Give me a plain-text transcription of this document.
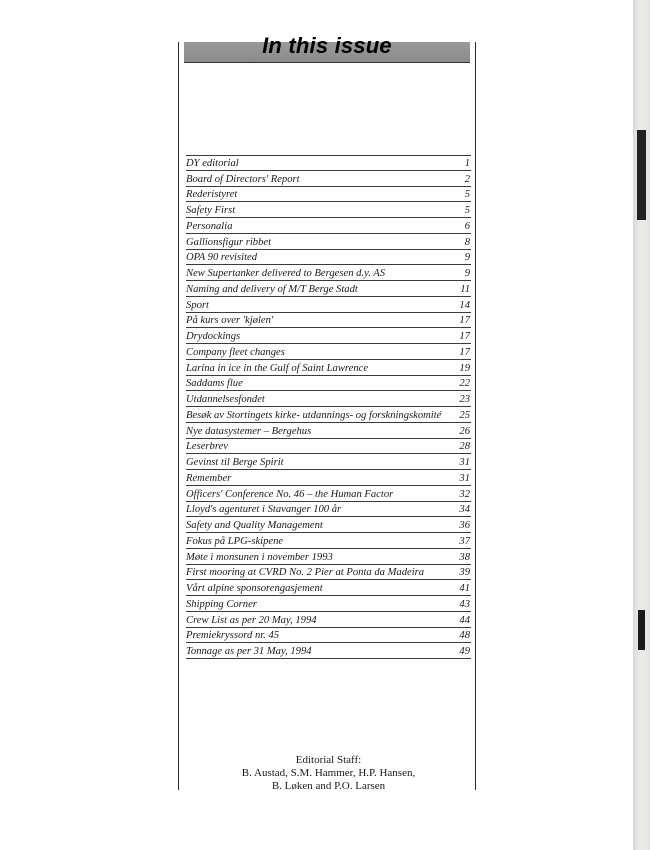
In this issue
DY editorial	1
Board of Directors' Report	2
Rederistyret	5
Safety First	5
Personalia	6
Gallionsfigur ribbet	8
OPA 90 revisited	9
New Supertanker delivered to Bergesen d.y. AS	9
Naming and delivery of M/T Berge Stadt	11
Sport	14
På kurs over 'kjølen'	17
Drydockings	17
Company fleet changes	17
Larina in ice in the Gulf of Saint Lawrence	19
Saddams flue	22
Utdannelsesfondet	23
Besøk av Stortingets kirke- utdannings- og forskningskomité 25
Nye datasystemer – Bergehus	26
Leserbrev	28
Gevinst til Berge Spirit	31
Remember	31
Officers' Conference No. 46 – the Human Factor	32
Lloyd's agenturet i Stavanger 100 år	34
Safety and Quality Management	36
Fokus på LPG-skipene	37
Møte i monsunen i november 1993	38
First mooring at CVRD No. 2 Pier at Ponta da Madeira	39
Vårt alpine sponsorengasjement	41
Shipping Corner	43
Crew List as per 20 May, 1994	44
Premiekryssord nr. 45	48
Tonnage as per 31 May, 1994	49
Editorial Staff:
B. Austad, S.M. Hammer, H.P. Hansen,
B. Løken and P.O. Larsen
